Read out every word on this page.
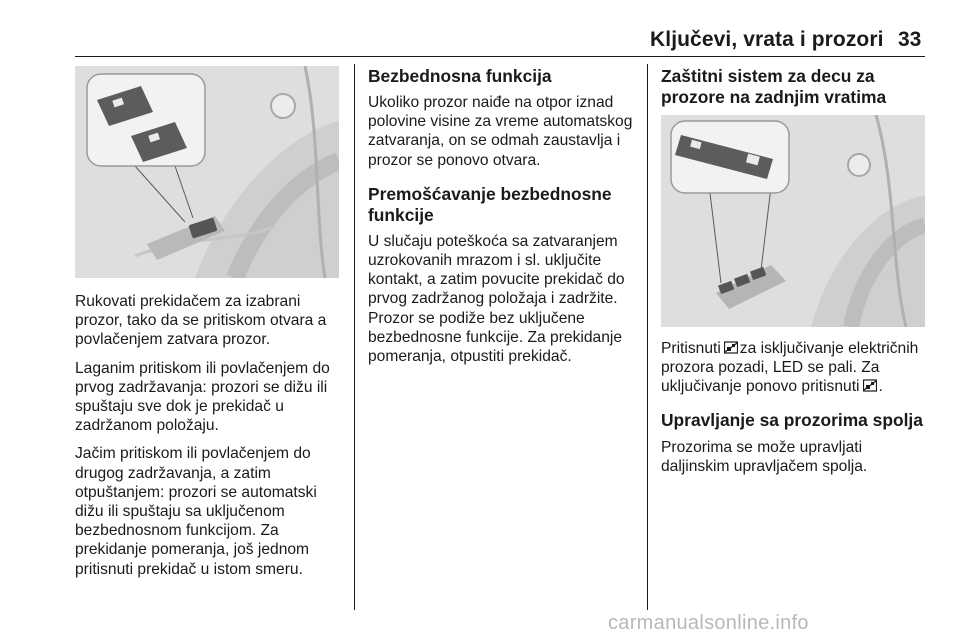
Ključevi, vrata i prozori 33

Rukovati prekidačem za izabrani prozor, tako da se pritiskom otvara a povlačenjem zatvara prozor.

Laganim pritiskom ili povlačenjem do prvog zadržavanja: prozori se dižu ili spuštaju sve dok je prekidač u zadržanom položaju.

Jačim pritiskom ili povlačenjem do drugog zadržavanja, a zatim otpuštanjem: prozori se automatski dižu ili spuštaju sa uključenom bezbednosnom funkcijom. Za prekidanje pomeranja, još jednom pritisnuti prekidač u istom smeru.

Bezbednosna funkcija

Ukoliko prozor naiđe na otpor iznad polovine visine za vreme automatskog zatvaranja, on se odmah zaustavlja i prozor se ponovo otvara.

Premošćavanje bezbednosne funkcije

U slučaju poteškoća sa zatvaranjem uzrokovanih mrazom i sl. uključite kontakt, a zatim povucite prekidač do prvog zadržanog položaja i zadržite. Prozor se podiže bez uključene bezbednosne funkcije. Za prekidanje pomeranja, otpustiti prekidač.

Zaštitni sistem za decu za prozore na zadnjim vratima

Pritisnuti za isključivanje električnih prozora pozadi, LED se pali. Za uključivanje ponovo pritisnuti .

Upravljanje sa prozorima spolja

Prozorima se može upravljati daljinskim upravljačem spolja.

carmanualsonline.info
